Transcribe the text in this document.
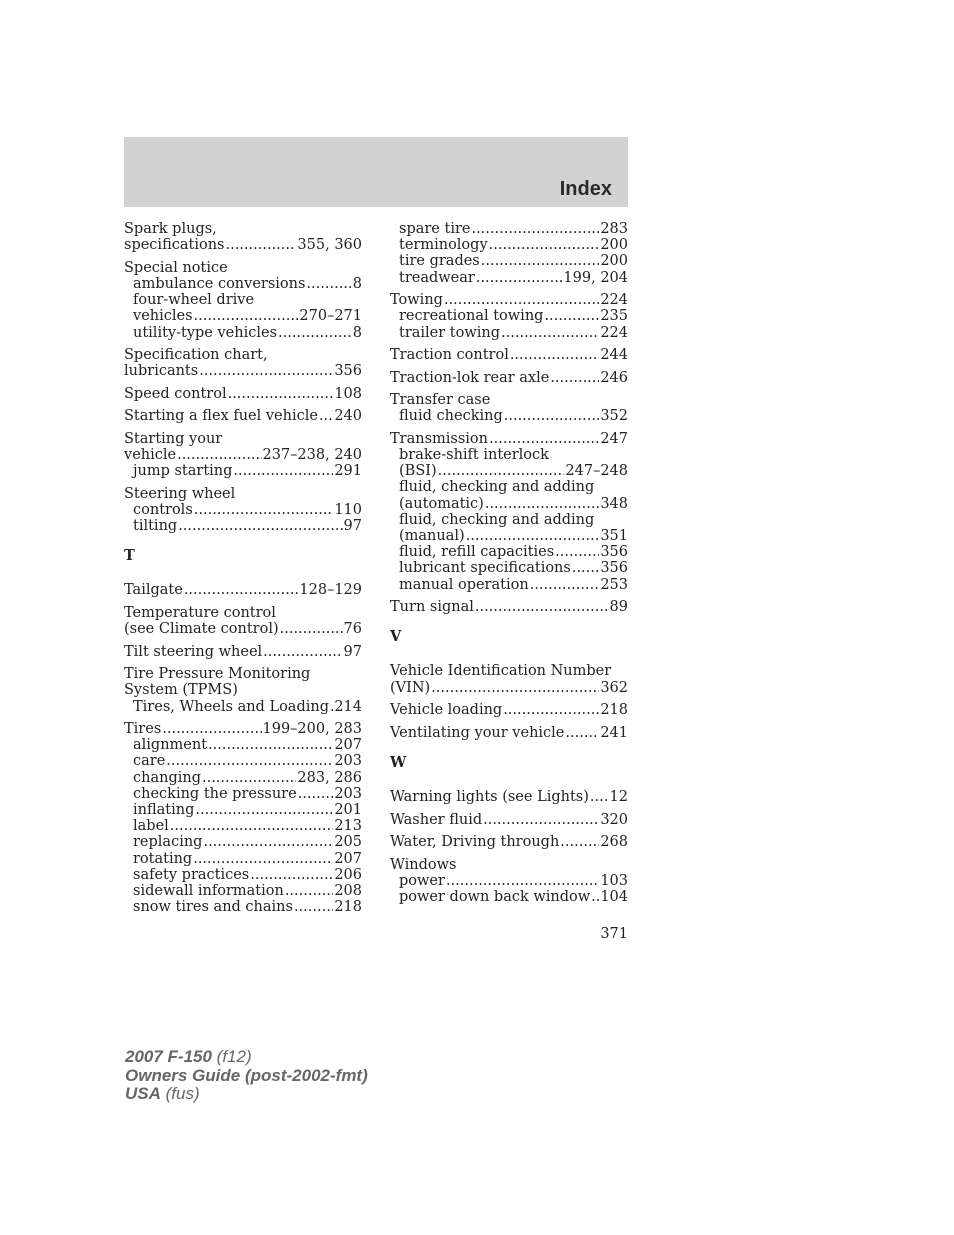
Index
Spark plugs,
specifications .....	355, 360
Special notice
ambulance conversions .....	8
four-wheel drive
vehicles .....	270–271
utility-type vehicles .....	8
Specification chart,
lubricants .....	356
Speed control .....	108
Starting a flex fuel vehicle ..... 240
Starting your
vehicle .....	237–238, 240
jump starting .....	291
Steering wheel
controls .....	110
tilting .....	97
T
Tailgate .....	128–129
Temperature control
(see Climate control) .....	76
Tilt steering wheel .....	97
Tire Pressure Monitoring
System (TPMS)
Tires, Wheels and Loading ..... 214
Tires .....	199–200, 283
alignment .....	207
care .....	203
changing .....	283, 286
checking the pressure .....	203
inflating .....	201
label .....	213
replacing .....	205
rotating .....	207
safety practices .....	206
sidewall information .....	208
snow tires and chains .....	218
spare tire .....	283
terminology .....	200
tire grades .....	200
treadwear .....	199, 204
Towing .....	224
recreational towing .....	235
trailer towing .....	224
Traction control .....	244
Traction-lok rear axle .....	246
Transfer case
fluid checking .....	352
Transmission .....	247
brake-shift interlock
(BSI) .....	247–248
fluid, checking and adding
(automatic) .....	348
fluid, checking and adding
(manual) .....	351
fluid, refill capacities .....	356
lubricant specifications ..... 356
manual operation .....	253
Turn signal .....	89
V
Vehicle Identification Number
(VIN) .....	362
Vehicle loading .....	218
Ventilating your vehicle ..... 241
W
Warning lights (see Lights) ..... 12
Washer fluid .....	320
Water, Driving through .....	268
Windows
power .....	103
power down back window ..... 104
371
2007 F-150 (f12)
Owners Guide (post-2002-fmt)
USA (fus)
